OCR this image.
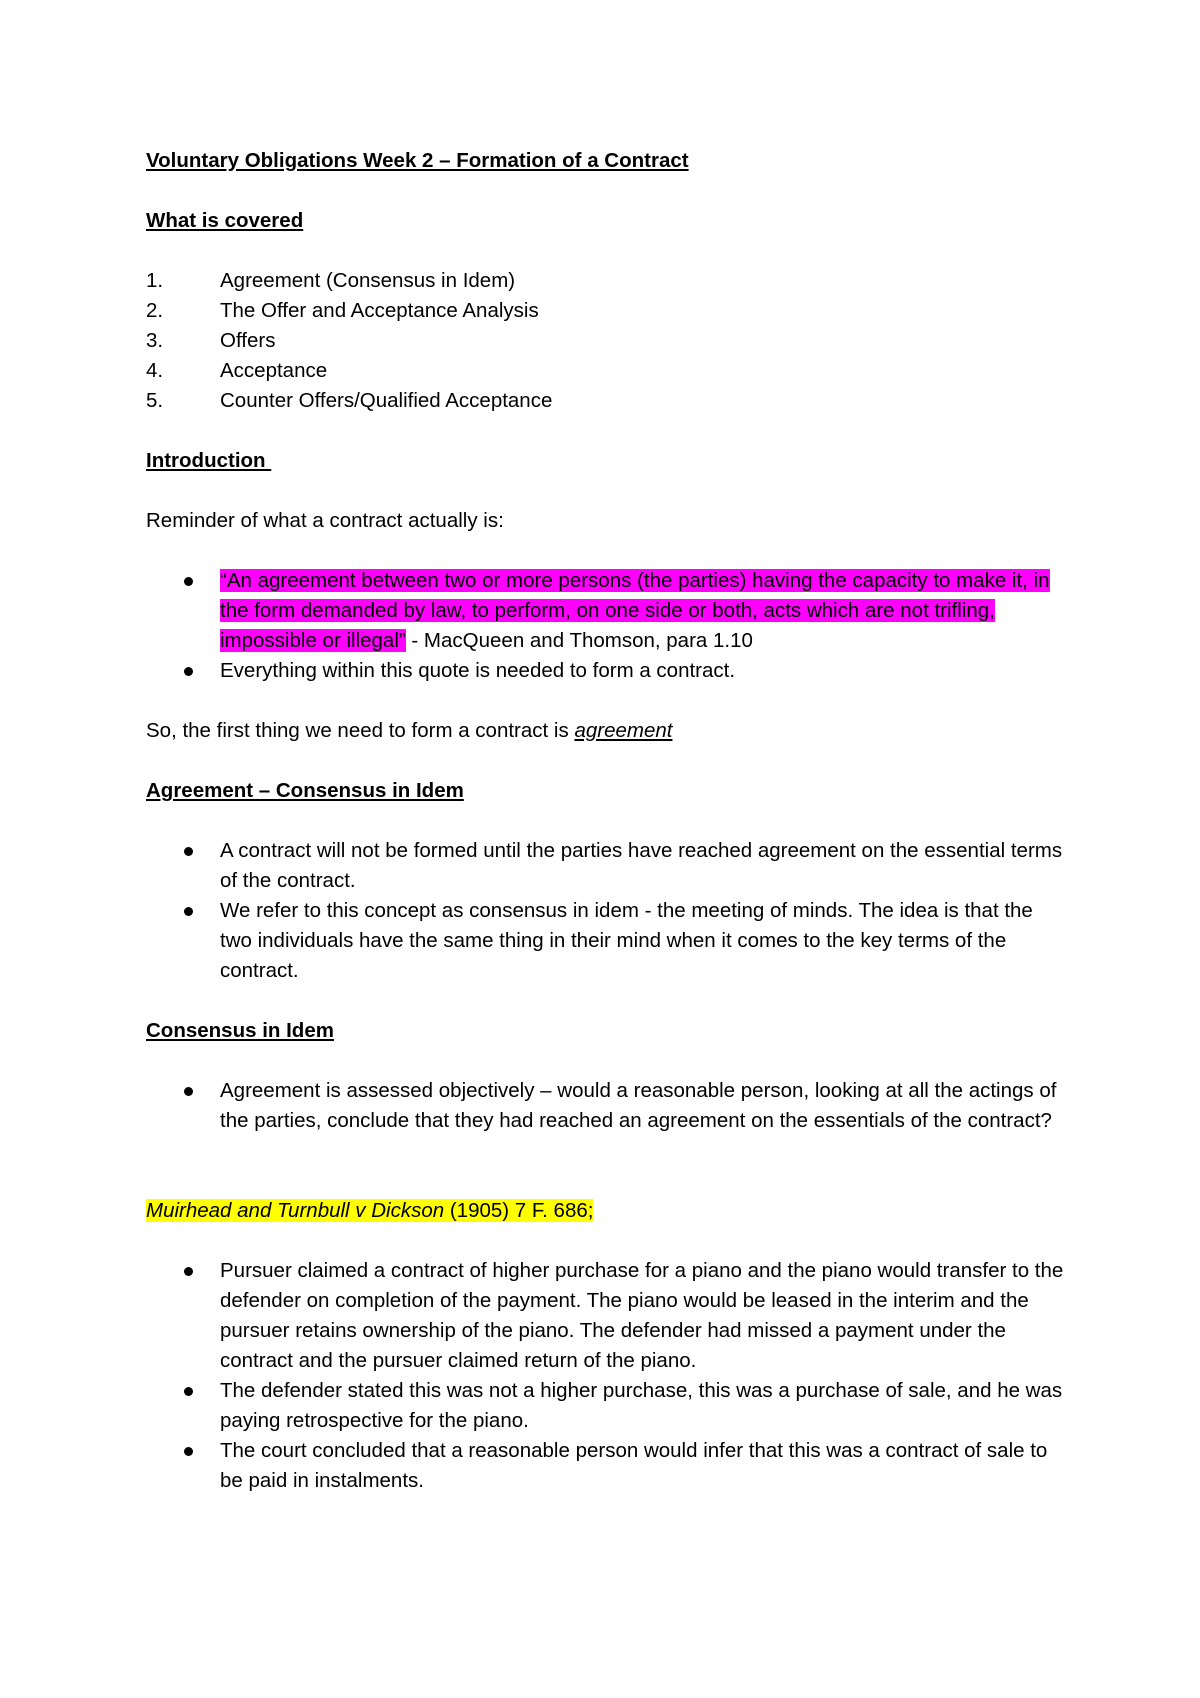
Voluntary Obligations Week 2 – Formation of a Contract

What is covered

1.	Agreement (Consensus in Idem)
2.	The Offer and Acceptance Analysis
3.	Offers
4.	Acceptance
5.	Counter Offers/Qualified Acceptance

Introduction

Reminder of what a contract actually is:

“An agreement between two or more persons (the parties) having the capacity to make it, in the form demanded by law, to perform, on one side or both, acts which are not trifling, impossible or illegal” - MacQueen and Thomson, para 1.10
Everything within this quote is needed to form a contract.

So, the first thing we need to form a contract is agreement

Agreement – Consensus in Idem

A contract will not be formed until the parties have reached agreement on the essential terms of the contract.
We refer to this concept as consensus in idem - the meeting of minds. The idea is that the two individuals have the same thing in their mind when it comes to the key terms of the contract.

Consensus in Idem

Agreement is assessed objectively – would a reasonable person, looking at all the actings of the parties, conclude that they had reached an agreement on the essentials of the contract?

Muirhead and Turnbull v Dickson (1905) 7 F. 686;

Pursuer claimed a contract of higher purchase for a piano and the piano would transfer to the defender on completion of the payment. The piano would be leased in the interim and the pursuer retains ownership of the piano. The defender had missed a payment under the contract and the pursuer claimed return of the piano.
The defender stated this was not a higher purchase, this was a purchase of sale, and he was paying retrospective for the piano.
The court concluded that a reasonable person would infer that this was a contract of sale to be paid in instalments.
